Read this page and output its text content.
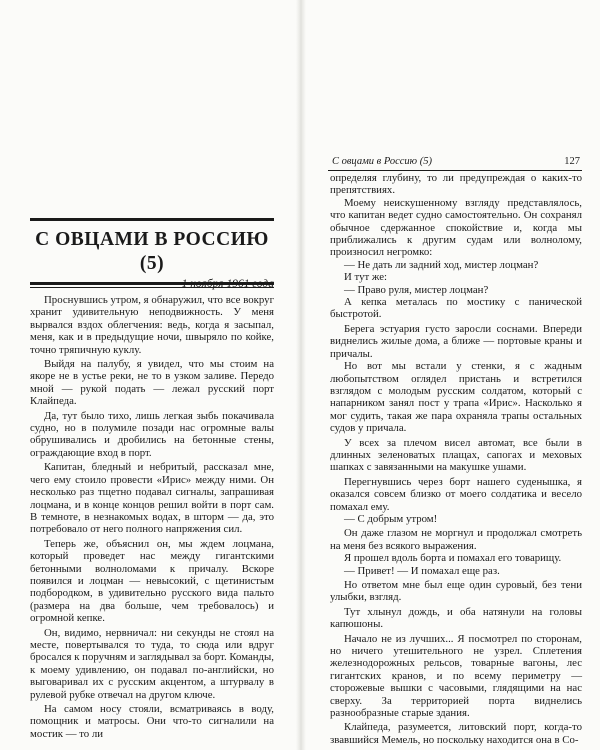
С ОВЦАМИ В РОССИЮ (5)
1 ноября 1961 года

Проснувшись утром, я обнаружил, что все вокруг хранит удивительную неподвижность. У меня вырвался вздох облегчения: ведь, когда я засыпал, меня, как и в предыдущие ночи, швыряло по койке, точно тряпичную куклу.

Выйдя на палубу, я увидел, что мы стоим на якоре не в устье реки, не то в узком заливе. Передо мной — рукой подать — лежал русский порт Клайпеда.

Да, тут было тихо, лишь легкая зыбь покачивала судно, но в полумиле позади нас огромные валы обрушивались и дробились на бетонные стены, ограждающие вход в порт.

Капитан, бледный и небритый, рассказал мне, чего ему стоило провести «Ирис» между ними. Он несколько раз тщетно подавал сигналы, запрашивая лоцмана, и в конце концов решил войти в порт сам. В темноте, в незнакомых водах, в шторм — да, это потребовало от него полного напряжения сил.

Теперь же, объяснил он, мы ждем лоцмана, который проведет нас между гигантскими бетонными волноломами к причалу. Вскоре появился и лоцман — невысокий, с щетинистым подбородком, в удивительно русского вида пальто (размера на два больше, чем требовалось) и огромной кепке.

Он, видимо, нервничал: ни секунды не стоял на месте, повертывался то туда, то сюда или вдруг бросался к поручням и заглядывал за борт. Команды, к моему удивлению, он подавал по-английски, но выговаривал их с русским акцентом, а штурвалу в рулевой рубке отвечал на другом ключе.

На самом носу стояли, всматриваясь в воду, помощник и матросы. Они что-то сигналили на мостик — то ли

С овцами в Россию (5)	127

определяя глубину, то ли предупреждая о каких-то препятствиях.

Моему неискушенному взгляду представлялось, что капитан ведет судно самостоятельно. Он сохранял обычное сдержанное спокойствие и, когда мы приближались к другим судам или волнолому, произносил негромко:

— Не дать ли задний ход, мистер лоцман?

И тут же:

— Право руля, мистер лоцман?

А кепка металась по мостику с панической быстротой.

Берега эстуария густо заросли соснами. Впереди виднелись жилые дома, а ближе — портовые краны и причалы.

Но вот мы встали у стенки, я с жадным любопытством оглядел пристань и встретился взглядом с молодым русским солдатом, который с напарником занял пост у трапа «Ирис». Насколько я мог судить, такая же пара охраняла трапы остальных судов у причала.

У всех за плечом висел автомат, все были в длинных зеленоватых плащах, сапогах и меховых шапках с завязанными на макушке ушами.

Перегнувшись через борт нашего суденышка, я оказался совсем близко от моего солдатика и весело помахал ему.

— С добрым утром!

Он даже глазом не моргнул и продолжал смотреть на меня без всякого выражения.

Я прошел вдоль борта и помахал его товарищу.

— Привет! — И помахал еще раз.

Но ответом мне был еще один суровый, без тени улыбки, взгляд.

Тут хлынул дождь, и оба натянули на головы капюшоны.

Начало не из лучших... Я посмотрел по сторонам, но ничего утешительного не узрел. Сплетения железнодорожных рельсов, товарные вагоны, лес гигантских кранов, и по всему периметру — сторожевые вышки с часовыми, глядящими на нас сверху. За территорией порта виднелись разнообразные старые здания.

Клайпеда, разумеется, литовский порт, когда-то звавшийся Мемель, но поскольку находится она в Со-
